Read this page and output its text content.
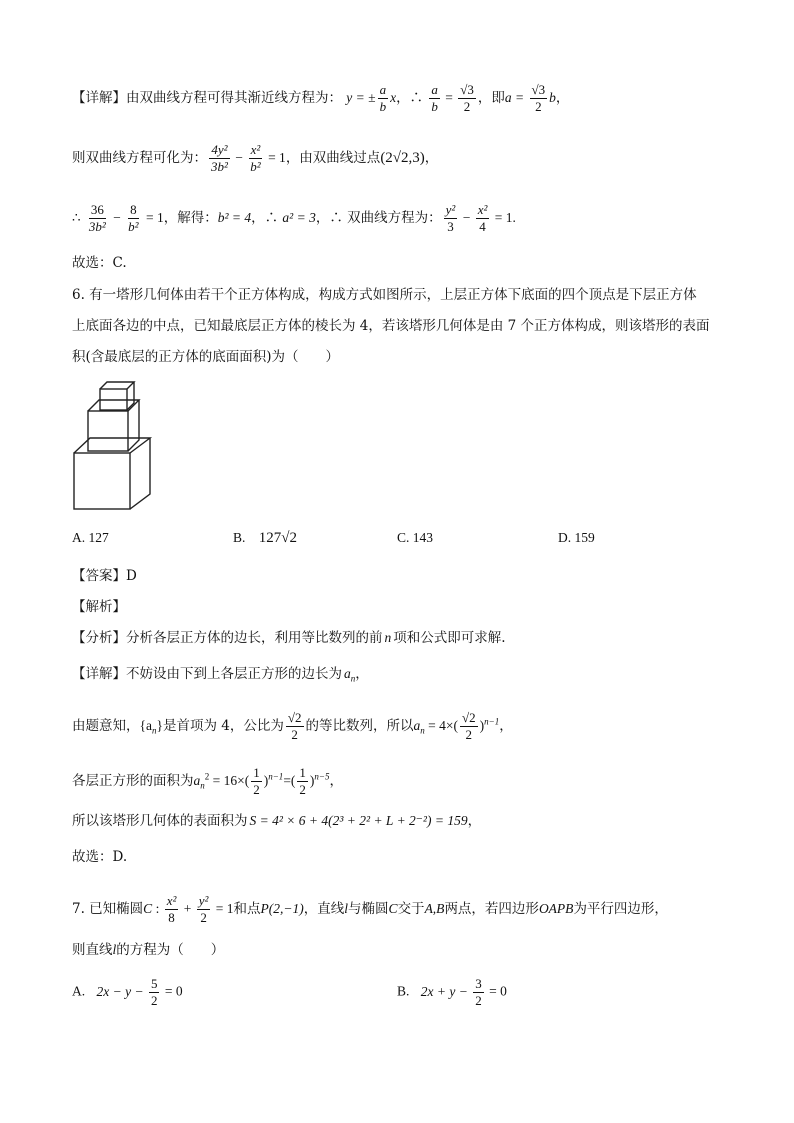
【详解】由双曲线方程可得其渐近线方程为： y = ± $\frac{a}{b}$ x，∴ $\frac{a}{b} = \frac{√3}{2}$ ，即$a = \frac{√3}{2}$ b，
则双曲线方程可化为： $\frac{\text{4y²}}{\text{3b²}} - \frac{\text{x²}}{\text{b²}} = 1$，由双曲线过点(2√2,3)，
∴ $\frac{36}{\text{3b²}} - \frac{8}{\text{b²}} = 1$，解得：b² = 4，∴ a² = 3，∴ 双曲线方程为： $\frac{\text{y²}}{3} - \frac{\text{x²}}{4} = 1$.
故选：C.
6. 有一塔形几何体由若干个正方体构成，构成方式如图所示，上层正方体下底面的四个顶点是下层正方体
上底面各边的中点，已知最底层正方体的棱长为 4，若该塔形几何体是由 7 个正方体构成，则该塔形的表面
积(含最底层的正方体的底面面积)为（　　）
A. 127	B. 127√2	C. 143	D. 159
【答案】D
【解析】
【分析】分析各层正方体的边长，利用等比数列的前 n 项和公式即可求解.
【详解】不妨设由下到上各层正方形的边长为 $a_n$，
由题意知，$\{a_n\}$是首项为 4，公比为 $\frac{√2}{2}$ 的等比数列，所以$a_n = 4\times( \frac{√2}{2} )^{n-1}$，
各层正方形的面积为$a_n^2 = 16\times( \frac{1}{2} )^{n-1}=( \frac{1}{2} )^{n-5}$，
所以该塔形几何体的表面积为 S = 4² × 6 + 4(2³ + 2² + L + 2⁻²) = 159，
故选：D.
7. 已知椭圆C : $\frac{\text{x²}}{8} + \frac{\text{y²}}{2} = 1$和点P(2,−1)，直线l与椭圆C交于A,B两点，若四边形OAPB为平行四边形，
则直线l的方程为（　　）
A. $2x - y - \frac{5}{2} = 0$	B. $2x + y - \frac{3}{2} = 0$
